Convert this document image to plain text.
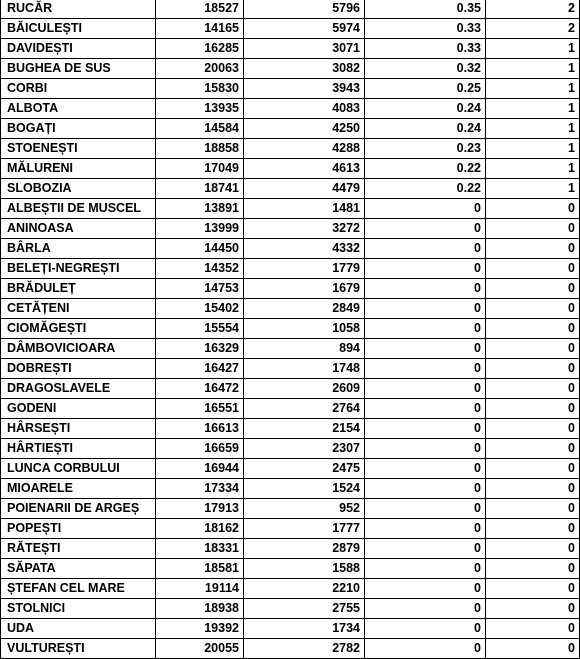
RUCĂR	18527	5796	0.35	2
BĂICULEȘTI	14165	5974	0.33	2
DAVIDEȘTI	16285	3071	0.33	1
BUGHEA DE SUS	20063	3082	0.32	1
CORBI	15830	3943	0.25	1
ALBOTA	13935	4083	0.24	1
BOGAȚI	14584	4250	0.24	1
STOENEȘTI	18858	4288	0.23	1
MĂLURENI	17049	4613	0.22	1
SLOBOZIA	18741	4479	0.22	1
ALBEȘTII DE MUSCEL	13891	1481	0	0
ANINOASA	13999	3272	0	0
BÂRLA	14450	4332	0	0
BELEȚI-NEGREȘTI	14352	1779	0	0
BRĂDULEȚ	14753	1679	0	0
CETĂȚENI	15402	2849	0	0
CIOMĂGEȘTI	15554	1058	0	0
DÂMBOVICIOARA	16329	894	0	0
DOBREȘTI	16427	1748	0	0
DRAGOSLAVELE	16472	2609	0	0
GODENI	16551	2764	0	0
HÂRSEȘTI	16613	2154	0	0
HÂRTIEȘTI	16659	2307	0	0
LUNCA CORBULUI	16944	2475	0	0
MIOARELE	17334	1524	0	0
POIENARII DE ARGEȘ	17913	952	0	0
POPEȘTI	18162	1777	0	0
RĂTEȘTI	18331	2879	0	0
SĂPATA	18581	1588	0	0
ȘTEFAN CEL MARE	19114	2210	0	0
STOLNICI	18938	2755	0	0
UDA	19392	1734	0	0
VULTUREȘTI	20055	2782	0	0
